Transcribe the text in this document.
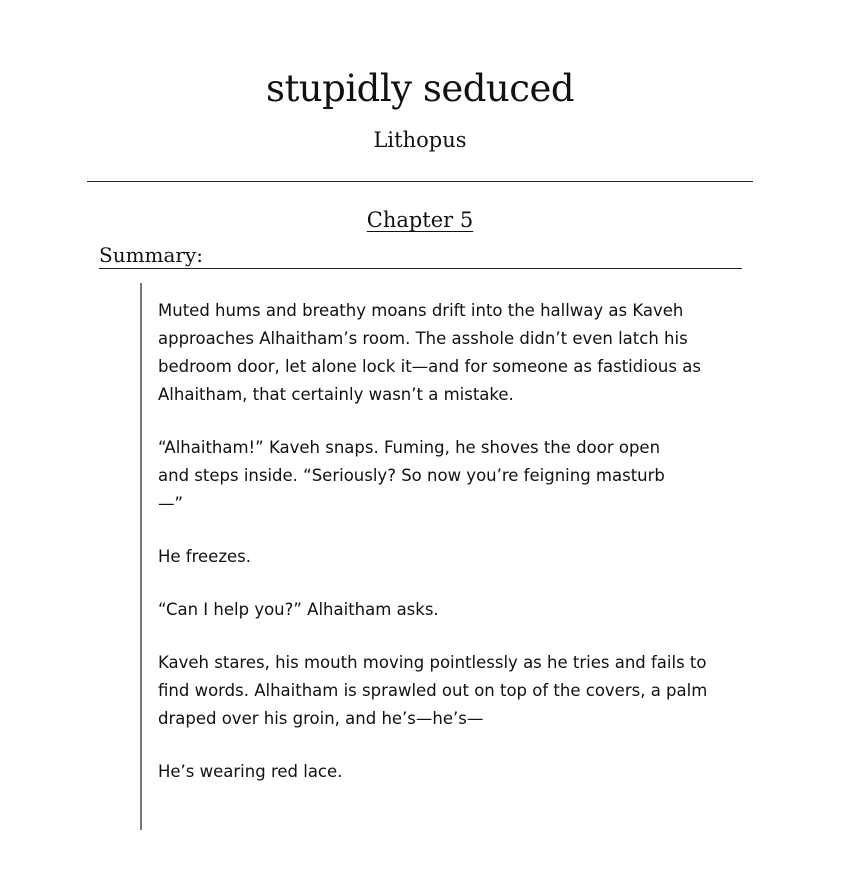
stupidly seduced
Lithopus
Chapter 5
Summary:

Muted hums and breathy moans drift into the hallway as Kaveh approaches Alhaitham’s room. The asshole didn’t even latch his bedroom door, let alone lock it—and for someone as fastidious as Alhaitham, that certainly wasn’t a mistake.

“Alhaitham!” Kaveh snaps. Fuming, he shoves the door open and steps inside. “Seriously? So now you’re feigning masturb—”

He freezes.

“Can I help you?” Alhaitham asks.

Kaveh stares, his mouth moving pointlessly as he tries and fails to find words. Alhaitham is sprawled out on top of the covers, a palm draped over his groin, and he’s—he’s—

He’s wearing red lace.
